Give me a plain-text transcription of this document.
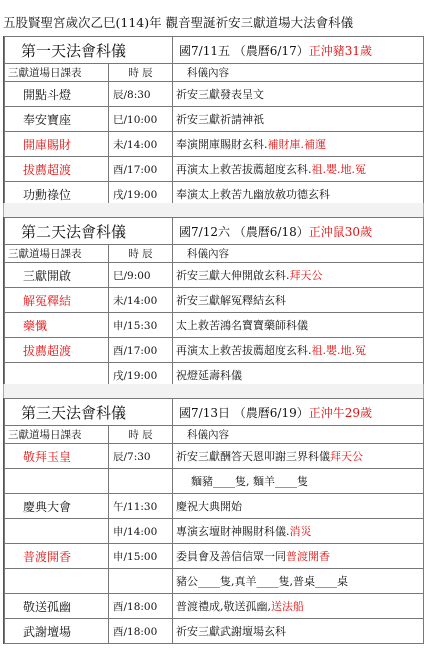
五股賢聖宮歲次乙巳(114)年 觀音聖誕祈安三獻道場大法會科儀
第一天法會科儀		國7/11五 （農曆6/17）正沖豬31歲
三獻道場日課表	時 辰	科儀內容
開點斗燈	辰/8:30	祈安三獻發表呈文
奉安寶座	巳/10:00	祈安三獻祈請神祇
開庫賜財	未/14:00	奉演開庫賜財玄科.補財庫.補運
拔薦超渡	酉/17:00	再演太上救苦拔薦超度玄科.祖.嬰.地.冤
功勳祿位	戌/19:00	奉演太上救苦九幽放赦功德玄科
第二天法會科儀		國7/12六 （農曆6/18）正沖鼠30歲
三獻道場日課表	時 辰	科儀內容
三獻開啟	巳/9:00	祈安三獻大伸開啟玄科.拜天公
解冤釋結	未/14:00	祈安三獻解冤釋結玄科
藥懺	申/15:30	太上救苦鴻名寶寶藥師科儀
拔薦超渡	酉/17:00	再演太上救苦拔薦超度玄科.祖.嬰.地.冤
	戌/19:00	祝燈延壽科儀
第三天法會科儀		國7/13日 （農曆6/19）正沖牛29歲
三獻道場日課表	時 辰	科儀內容
敬拜玉皇	辰/7:30	祈安三獻酬答天恩叩謝三界科儀拜天公
		麵豬____隻, 麵羊____隻
慶典大會	午/11:30	慶祝大典開始
	申/14:00	專演玄壇財神賜財科儀.消災
普渡開香	申/15:00	委員會及善信信眾一同普渡開香
		豬公____隻,真羊____隻,普桌____桌
敬送孤幽	酉/18:00	普渡禮成,敬送孤幽,送法船
武謝壇場	酉/18:00	祈安三獻武謝壇場玄科
